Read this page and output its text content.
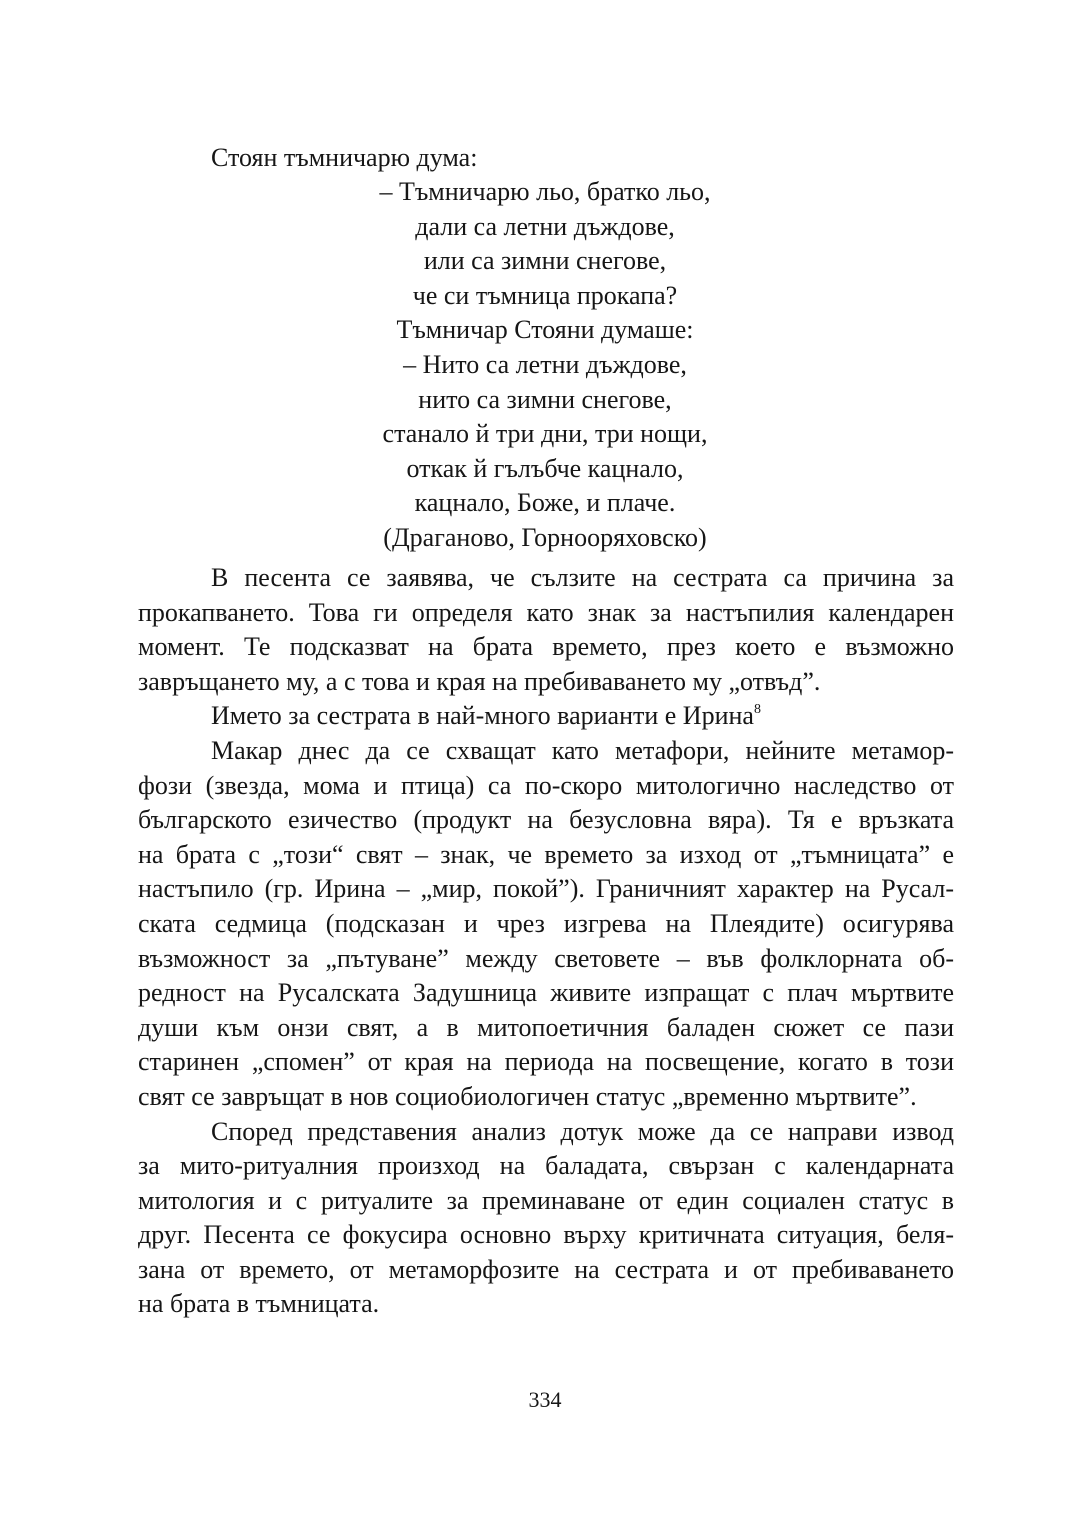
Стоян тъмничарю дума:
– Тъмничарю льо, братко льо,
дали са летни дъждове,
или са зимни снегове,
че си тъмница прокапа?
Тъмничар Стояни думаше:
– Нито са летни дъждове,
нито са зимни снегове,
станало й три дни, три нощи,
откак й гълъбче кацнало,
кацнало, Боже, и плаче.
(Драганово, Горнооряховско)

В песента се заявява, че сълзите на сестрата са причина за
прокапването. Това ги определя като знак за настъпилия календарен
момент. Те подсказват на брата времето, през което е възможно
завръщането му, а с това и края на пребиваването му „отвъд”.

Името за сестрата в най-много варианти е Ирина$^8$

Макар днес да се схващат като метафори, нейните метамор-
фози (звезда, мома и птица) са по-скоро митологично наследство от
българското езичество (продукт на безусловна вяра). Тя е връзката
на брата с „този“ свят – знак, че времето за изход от „тъмницата” е
настъпило (гр. Ирина – „мир, покой”). Граничният характер на Русал-
ската седмица (подсказан и чрез изгрева на Плеядите) осигурява
възможност за „пътуване” между световете – във фолклорната об-
редност на Русалската Задушница живите изпращат с плач мъртвите
души към онзи свят, а в митопоетичния баладен сюжет се пази
старинен „спомен” от края на периода на посвещение, когато в този
свят се завръщат в нов социобиологичен статус „временно мъртвите”.

Според представения анализ дотук може да се направи извод
за мито-ритуалния произход на баладата, свързан с календарната
митология и с ритуалите за преминаване от един социален статус в
друг. Песента се фокусира основно върху критичната ситуация, беля-
зана от времето, от метаморфозите на сестрата и от пребиваването
на брата в тъмницата.

334
